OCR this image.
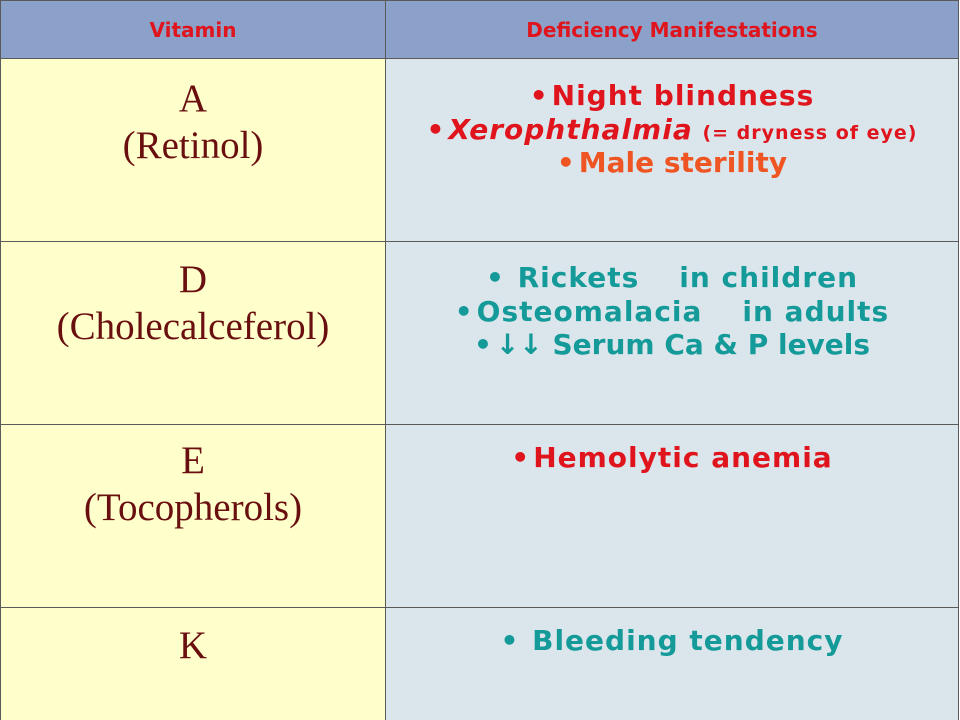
Vitamin	Deficiency Manifestations

A
(Retinol)	• Night blindness
• Xerophthalmia (= dryness of eye)
• Male sterility

D
(Cholecalceferol)	• Rickets in children
• Osteomalacia in adults
• ↓↓ Serum Ca & P levels

E
(Tocopherols)	• Hemolytic anemia

K	• Bleeding tendency
